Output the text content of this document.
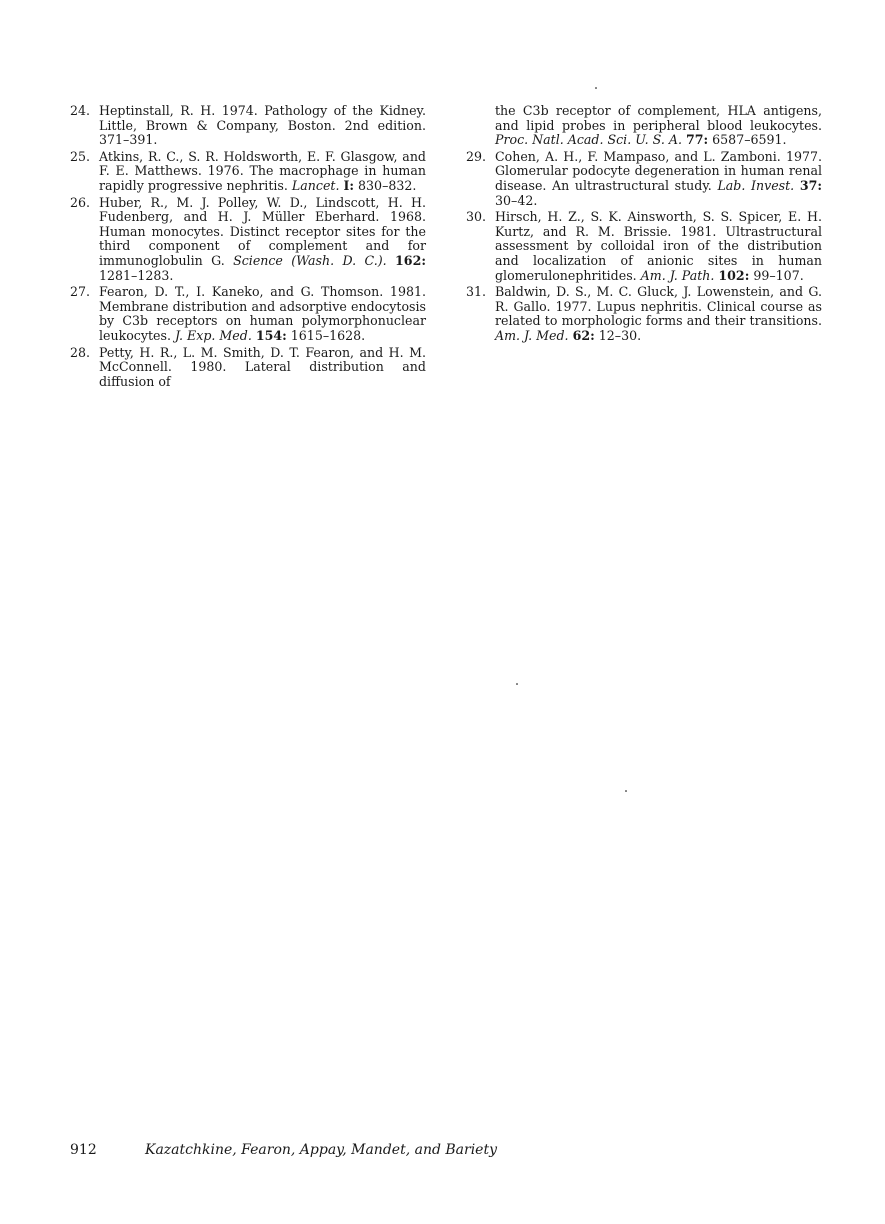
24. Heptinstall, R. H. 1974. Pathology of the Kidney. Little, Brown & Company, Boston. 2nd edition. 371–391.
25. Atkins, R. C., S. R. Holdsworth, E. F. Glasgow, and F. E. Matthews. 1976. The macrophage in human rapidly progressive nephritis. Lancet. I: 830–832.
26. Huber, R., M. J. Polley, W. D., Lindscott, H. H. Fudenberg, and H. J. Müller Eberhard. 1968. Human monocytes. Distinct receptor sites for the third component of complement and for immunoglobulin G. Science (Wash. D. C.). 162: 1281–1283.
27. Fearon, D. T., I. Kaneko, and G. Thomson. 1981. Membrane distribution and adsorptive endocytosis by C3b receptors on human polymorphonuclear leukocytes. J. Exp. Med. 154: 1615–1628.
28. Petty, H. R., L. M. Smith, D. T. Fearon, and H. M. McConnell. 1980. Lateral distribution and diffusion of
the C3b receptor of complement, HLA antigens, and lipid probes in peripheral blood leukocytes. Proc. Natl. Acad. Sci. U. S. A. 77: 6587–6591.
29. Cohen, A. H., F. Mampaso, and L. Zamboni. 1977. Glomerular podocyte degeneration in human renal disease. An ultrastructural study. Lab. Invest. 37: 30–42.
30. Hirsch, H. Z., S. K. Ainsworth, S. S. Spicer, E. H. Kurtz, and R. M. Brissie. 1981. Ultrastructural assessment by colloidal iron of the distribution and localization of anionic sites in human glomerulonephritides. Am. J. Path. 102: 99–107.
31. Baldwin, D. S., M. C. Gluck, J. Lowenstein, and G. R. Gallo. 1977. Lupus nephritis. Clinical course as related to morphologic forms and their transitions. Am. J. Med. 62: 12–30.
912	Kazatchkine, Fearon, Appay, Mandet, and Bariety
